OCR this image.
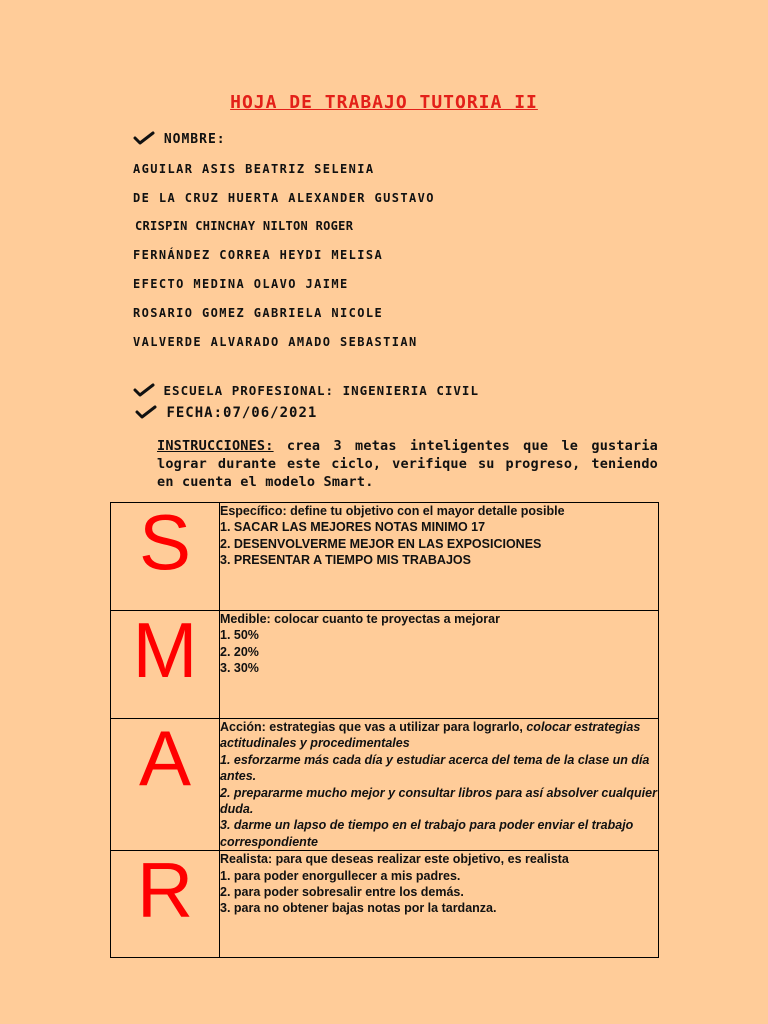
HOJA DE TRABAJO TUTORIA II
NOMBRE:
AGUILAR ASIS BEATRIZ SELENIA
DE LA CRUZ HUERTA ALEXANDER GUSTAVO
CRISPIN CHINCHAY NILTON ROGER
FERNÁNDEZ CORREA HEYDI MELISA
EFECTO MEDINA OLAVO JAIME
ROSARIO GOMEZ GABRIELA NICOLE
VALVERDE ALVARADO AMADO SEBASTIAN
ESCUELA PROFESIONAL: INGENIERIA CIVIL
FECHA:07/06/2021
INSTRUCCIONES: crea 3 metas inteligentes que le gustaria lograr durante este ciclo, verifique su progreso, teniendo en cuenta el modelo Smart.
S	Específico: define tu objetivo con el mayor detalle posible
1. SACAR LAS MEJORES NOTAS MINIMO 17
2. DESENVOLVERME MEJOR EN LAS EXPOSICIONES
3. PRESENTAR A TIEMPO MIS TRABAJOS

M	Medible: colocar cuanto te proyectas a mejorar
1. 50%
2. 20%
3. 30%

A	Acción: estrategias que vas a utilizar para lograrlo, colocar estrategias actitudinales y procedimentales
1. esforzarme más cada día y estudiar acerca del tema de la clase un día antes.
2. prepararme mucho mejor y consultar libros para así absolver cualquier duda.
3. darme un lapso de tiempo en el trabajo para poder enviar el trabajo correspondiente

R	Realista: para que deseas realizar este objetivo, es realista
1. para poder enorgullecer a mis padres.
2. para poder sobresalir entre los demás.
3. para no obtener bajas notas por la tardanza.
